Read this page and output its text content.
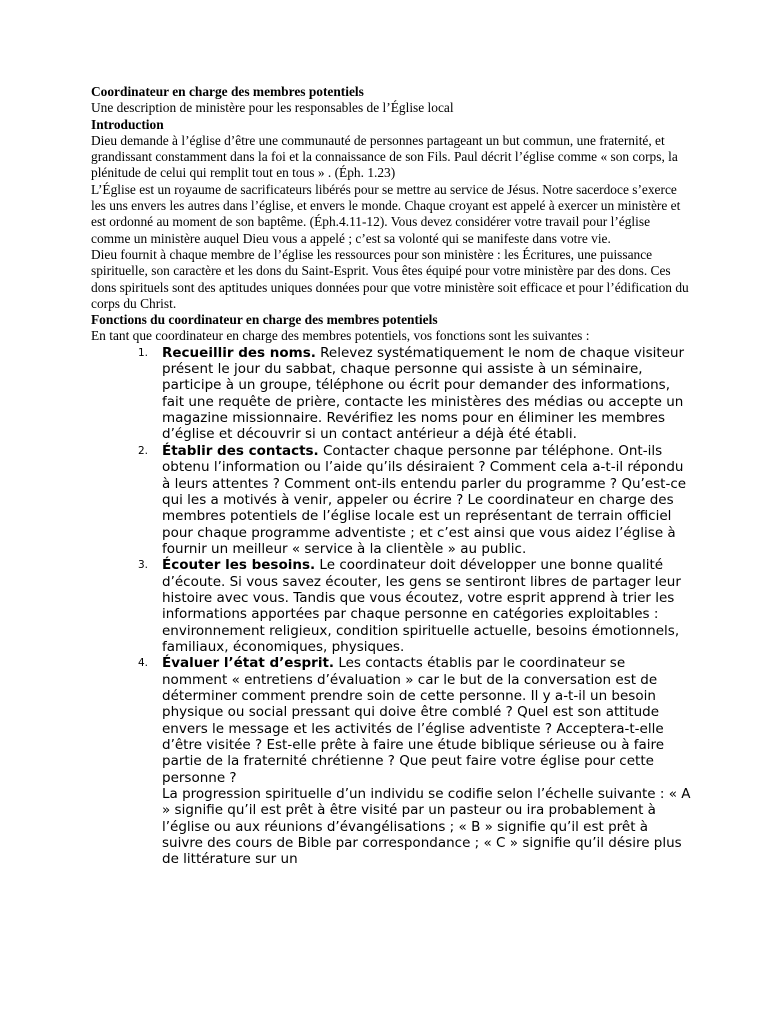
Coordinateur en charge des membres potentiels

Une description de ministère pour les responsables de l’Église local

Introduction

Dieu demande à l’église d’être une communauté de personnes partageant un but commun, une fraternité, et grandissant constamment dans la foi et la connaissance de son Fils. Paul décrit l’église comme « son corps, la plénitude de celui qui remplit tout en tous » . (Éph. 1.23)

L’Église est un royaume de sacrificateurs libérés pour se mettre au service de Jésus. Notre sacerdoce s’exerce les uns envers les autres dans l’église, et envers le monde. Chaque croyant est appelé à exercer un ministère et est ordonné au moment de son baptême. (Éph.4.11-12). Vous devez considérer votre travail pour l’église comme un ministère auquel Dieu vous a appelé ; c’est sa volonté qui se manifeste dans votre vie.

Dieu fournit à chaque membre de l’église les ressources pour son ministère : les Écritures, une puissance spirituelle, son caractère et les dons du Saint-Esprit. Vous êtes équipé pour votre ministère par des dons. Ces dons spirituels sont des aptitudes uniques données pour que votre ministère soit efficace et pour l’édification du corps du Christ.

Fonctions du coordinateur en charge des membres potentiels

En tant que coordinateur en charge des membres potentiels, vos fonctions sont les suivantes :

1. Recueillir des noms. Relevez systématiquement le nom de chaque visiteur présent le jour du sabbat, chaque personne qui assiste à un séminaire, participe à un groupe, téléphone ou écrit pour demander des informations, fait une requête de prière, contacte les ministères des médias ou accepte un magazine missionnaire. Revérifiez les noms pour en éliminer les membres d’église et découvrir si un contact antérieur a déjà été établi.
2. Établir des contacts. Contacter chaque personne par téléphone. Ont-ils obtenu l’information ou l’aide qu’ils désiraient ? Comment cela a-t-il répondu à leurs attentes ? Comment ont-ils entendu parler du programme ? Qu’est-ce qui les a motivés à venir, appeler ou écrire ? Le coordinateur en charge des membres potentiels de l’église locale est un représentant de terrain officiel pour chaque programme adventiste ; et c’est ainsi que vous aidez l’église à fournir un meilleur « service à la clientèle » au public.
3. Écouter les besoins. Le coordinateur doit développer une bonne qualité d’écoute. Si vous savez écouter, les gens se sentiront libres de partager leur histoire avec vous. Tandis que vous écoutez, votre esprit apprend à trier les informations apportées par chaque personne en catégories exploitables : environnement religieux, condition spirituelle actuelle, besoins émotionnels, familiaux, économiques, physiques.
4. Évaluer l’état d’esprit. Les contacts établis par le coordinateur se nomment « entretiens d’évaluation » car le but de la conversation est de déterminer comment prendre soin de cette personne. Il y a-t-il un besoin physique ou social pressant qui doive être comblé ? Quel est son attitude envers le message et les activités de l’église adventiste ? Acceptera-t-elle d’être visitée ? Est-elle prête à faire une étude biblique sérieuse ou à faire partie de la fraternité chrétienne ? Que peut faire votre église pour cette personne ?
La progression spirituelle d’un individu se codifie selon l’échelle suivante : « A » signifie qu’il est prêt à être visité par un pasteur ou ira probablement à l’église ou aux réunions d’évangélisations ; « B » signifie qu’il est prêt à suivre des cours de Bible par correspondance ; « C » signifie qu’il désire plus de littérature sur un
